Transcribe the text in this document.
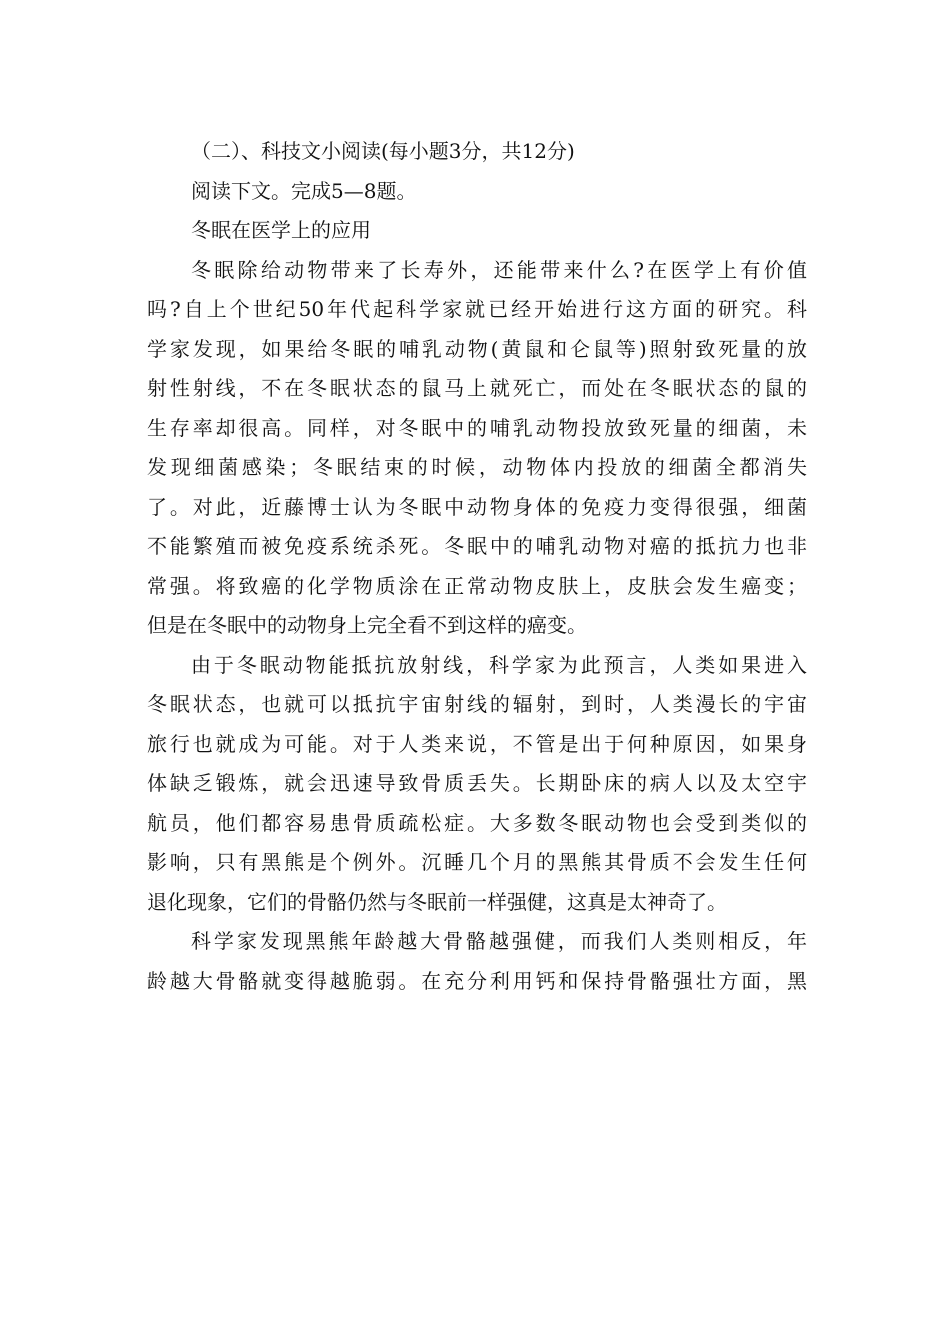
（二）、科技文小阅读(每小题3分，共12分)

阅读下文。完成5—8题。

冬眠在医学上的应用

冬眠除给动物带来了长寿外，还能带来什么?在医学上有价值

吗?自上个世纪50年代起科学家就已经开始进行这方面的研究。科

学家发现，如果给冬眠的哺乳动物(黄鼠和仑鼠等)照射致死量的放

射性射线，不在冬眠状态的鼠马上就死亡，而处在冬眠状态的鼠的

生存率却很高。同样，对冬眠中的哺乳动物投放致死量的细菌，未

发现细菌感染；冬眠结束的时候，动物体内投放的细菌全都消失

了。对此，近藤博士认为冬眠中动物身体的免疫力变得很强，细菌

不能繁殖而被免疫系统杀死。冬眠中的哺乳动物对癌的抵抗力也非

常强。将致癌的化学物质涂在正常动物皮肤上，皮肤会发生癌变；

但是在冬眠中的动物身上完全看不到这样的癌变。

由于冬眠动物能抵抗放射线，科学家为此预言，人类如果进入

冬眠状态，也就可以抵抗宇宙射线的辐射，到时，人类漫长的宇宙

旅行也就成为可能。对于人类来说，不管是出于何种原因，如果身

体缺乏锻炼，就会迅速导致骨质丢失。长期卧床的病人以及太空宇

航员，他们都容易患骨质疏松症。大多数冬眠动物也会受到类似的

影响，只有黑熊是个例外。沉睡几个月的黑熊其骨质不会发生任何

退化现象，它们的骨骼仍然与冬眠前一样强健，这真是太神奇了。

科学家发现黑熊年龄越大骨骼越强健，而我们人类则相反，年

龄越大骨骼就变得越脆弱。在充分利用钙和保持骨骼强壮方面，黑
